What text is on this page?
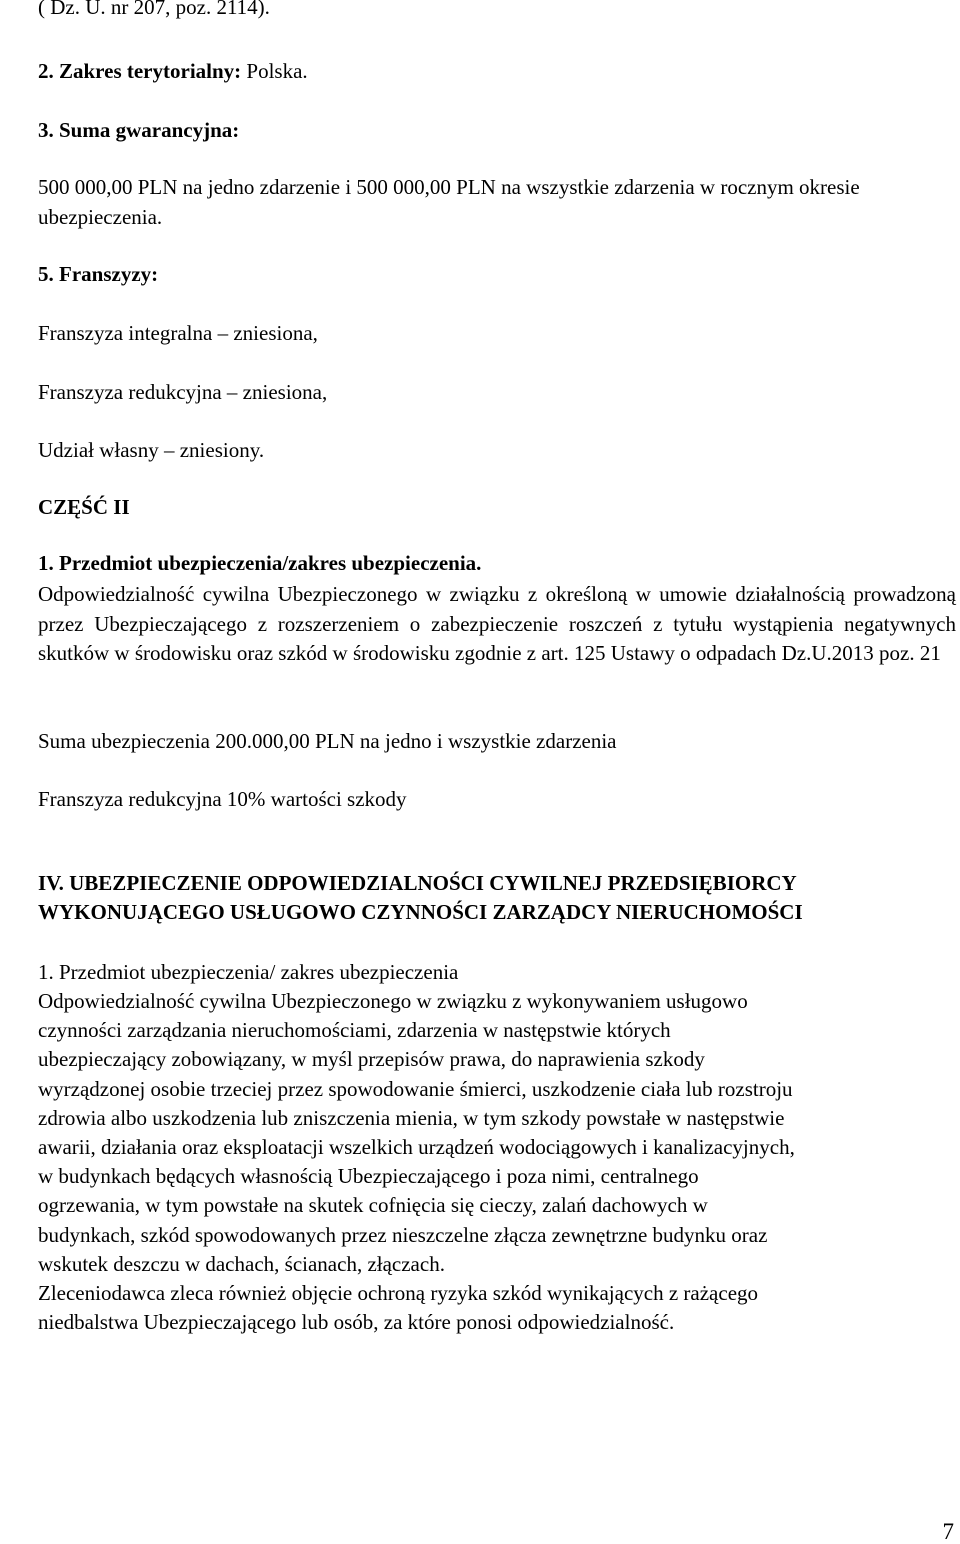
( Dz. U. nr 207, poz. 2114).
2. Zakres terytorialny: Polska.
3. Suma gwarancyjna:
500 000,00 PLN na jedno zdarzenie i 500 000,00 PLN na wszystkie zdarzenia w rocznym okresie ubezpieczenia.
5. Franszyzy:
Franszyza integralna – zniesiona,
Franszyza redukcyjna – zniesiona,
Udział własny – zniesiony.
CZĘŚĆ II
1. Przedmiot ubezpieczenia/zakres ubezpieczenia.
Odpowiedzialność cywilna Ubezpieczonego w związku z określoną w umowie działalnością prowadzoną przez Ubezpieczającego z rozszerzeniem o zabezpieczenie roszczeń z tytułu wystąpienia negatywnych skutków w środowisku oraz szkód w środowisku zgodnie z art. 125 Ustawy o odpadach Dz.U.2013 poz. 21
Suma ubezpieczenia 200.000,00 PLN na jedno i wszystkie zdarzenia
Franszyza redukcyjna 10% wartości szkody
IV. UBEZPIECZENIE ODPOWIEDZIALNOŚCI CYWILNEJ PRZEDSIĘBIORCY WYKONUJĄCEGO USŁUGOWO CZYNNOŚCI ZARZĄDCY NIERUCHOMOŚCI
1. Przedmiot ubezpieczenia/ zakres ubezpieczenia
Odpowiedzialność cywilna Ubezpieczonego w związku z wykonywaniem usługowo
czynności zarządzania nieruchomościami, zdarzenia w następstwie których
ubezpieczający zobowiązany, w myśl przepisów prawa, do naprawienia szkody
wyrządzonej osobie trzeciej przez spowodowanie śmierci, uszkodzenie ciała lub rozstroju
zdrowia albo uszkodzenia lub zniszczenia mienia, w tym szkody powstałe w następstwie
awarii, działania oraz eksploatacji wszelkich urządzeń wodociągowych i kanalizacyjnych,
w budynkach będących własnością Ubezpieczającego i poza nimi, centralnego
ogrzewania, w tym powstałe na skutek cofnięcia się cieczy, zalań dachowych w
budynkach, szkód spowodowanych przez nieszczelne złącza zewnętrzne budynku oraz
wskutek deszczu w dachach, ścianach, złączach.
Zleceniodawca zleca również objęcie ochroną ryzyka szkód wynikających z rażącego
niedbalstwa Ubezpieczającego lub osób, za które ponosi odpowiedzialność.
7
